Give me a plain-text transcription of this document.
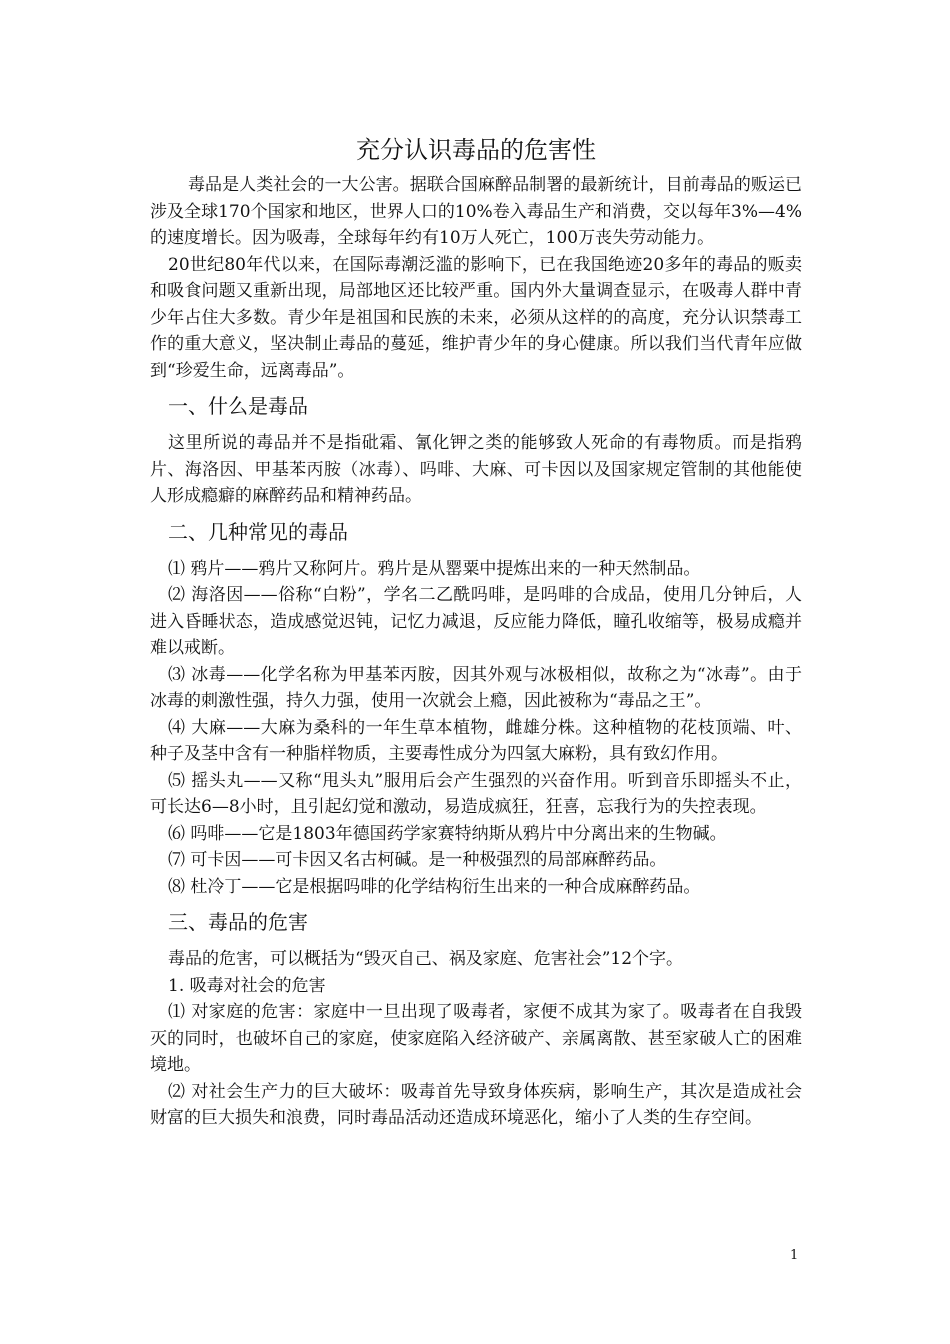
充分认识毒品的危害性

毒品是人类社会的一大公害。据联合国麻醉品制署的最新统计，目前毒品的贩运已涉及全球170个国家和地区，世界人口的10%卷入毒品生产和消费，交以每年3%—4%的速度增长。因为吸毒，全球每年约有10万人死亡，100万丧失劳动能力。

20世纪80年代以来，在国际毒潮泛滥的影响下，已在我国绝迹20多年的毒品的贩卖和吸食问题又重新出现，局部地区还比较严重。国内外大量调查显示，在吸毒人群中青少年占住大多数。青少年是祖国和民族的未来，必须从这样的的高度，充分认识禁毒工作的重大意义，坚决制止毒品的蔓延，维护青少年的身心健康。所以我们当代青年应做到“珍爱生命，远离毒品”。

一、什么是毒品

这里所说的毒品并不是指砒霜、氰化钾之类的能够致人死命的有毒物质。而是指鸦片、海洛因、甲基苯丙胺（冰毒）、吗啡、大麻、可卡因以及国家规定管制的其他能使人形成瘾癖的麻醉药品和精神药品。

二、几种常见的毒品

⑴ 鸦片——鸦片又称阿片。鸦片是从罂粟中提炼出来的一种天然制品。

⑵ 海洛因——俗称“白粉”，学名二乙酰吗啡，是吗啡的合成品，使用几分钟后，人进入昏睡状态，造成感觉迟钝，记忆力减退，反应能力降低，瞳孔收缩等，极易成瘾并难以戒断。

⑶ 冰毒——化学名称为甲基苯丙胺，因其外观与冰极相似，故称之为“冰毒”。由于冰毒的刺激性强，持久力强，使用一次就会上瘾，因此被称为“毒品之王”。

⑷ 大麻——大麻为桑科的一年生草本植物，雌雄分株。这种植物的花枝顶端、叶、种子及茎中含有一种脂样物质，主要毒性成分为四氢大麻粉，具有致幻作用。

⑸ 摇头丸——又称“甩头丸”服用后会产生强烈的兴奋作用。听到音乐即摇头不止，可长达6—8小时，且引起幻觉和激动，易造成疯狂，狂喜，忘我行为的失控表现。

⑹ 吗啡——它是1803年德国药学家赛特纳斯从鸦片中分离出来的生物碱。

⑺ 可卡因——可卡因又名古柯碱。是一种极强烈的局部麻醉药品。

⑻ 杜冷丁——它是根据吗啡的化学结构衍生出来的一种合成麻醉药品。

三、毒品的危害

毒品的危害，可以概括为“毁灭自己、祸及家庭、危害社会”12个字。

1. 吸毒对社会的危害

⑴ 对家庭的危害：家庭中一旦出现了吸毒者，家便不成其为家了。吸毒者在自我毁灭的同时，也破坏自己的家庭，使家庭陷入经济破产、亲属离散、甚至家破人亡的困难境地。

⑵ 对社会生产力的巨大破坏：吸毒首先导致身体疾病，影响生产，其次是造成社会财富的巨大损失和浪费，同时毒品活动还造成环境恶化，缩小了人类的生存空间。

1
